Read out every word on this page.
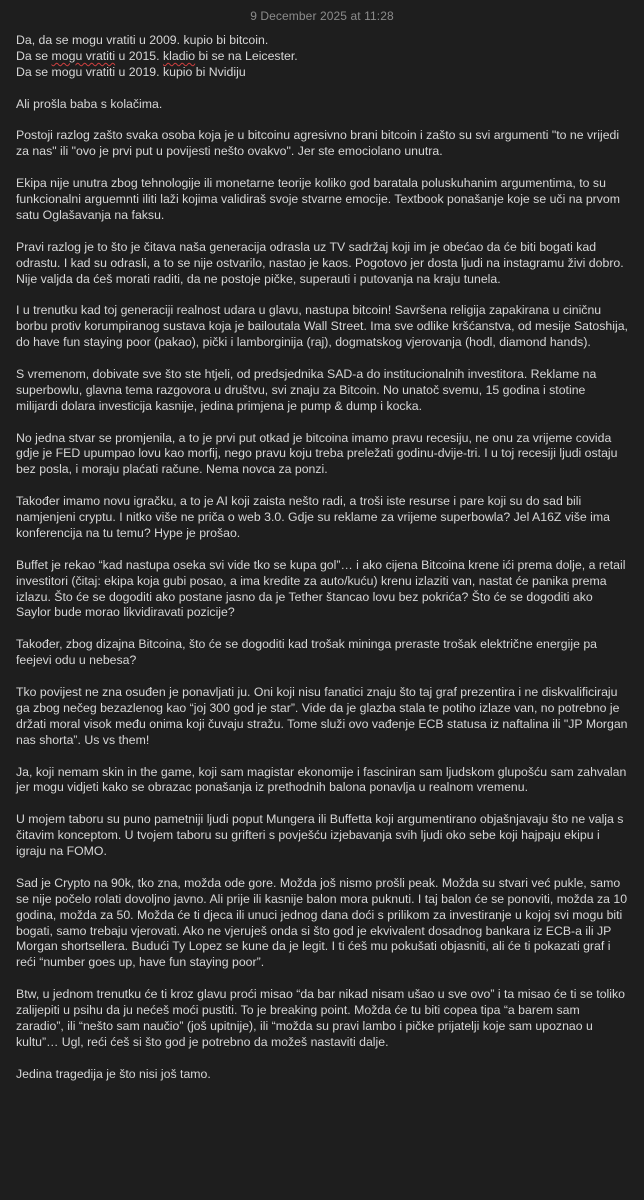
9 December 2025 at 11:28

Da, da se mogu vratiti u 2009. kupio bi bitcoin.
Da se mogu vratiti u 2015. kladio bi se na Leicester.
Da se mogu vratiti u 2019. kupio bi Nvidiju

Ali prošla baba s kolačima.

Postoji razlog zašto svaka osoba koja je u bitcoinu agresivno brani bitcoin i zašto su svi argumenti "to ne vrijedi za nas" ili "ovo je prvi put u povijesti nešto ovakvo". Jer ste emociolano unutra.

Ekipa nije unutra zbog tehnologije ili monetarne teorije koliko god baratala poluskuhanim argumentima, to su funkcionalni arguemnti iliti laži kojima validiraš svoje stvarne emocije. Textbook ponašanje koje se uči na prvom satu Oglašavanja na faksu.

Pravi razlog je to što je čitava naša generacija odrasla uz TV sadržaj koji im je obećao da će biti bogati kad odrastu. I kad su odrasli, a to se nije ostvarilo, nastao je kaos. Pogotovo jer dosta ljudi na instagramu živi dobro. Nije valjda da ćeš morati raditi, da ne postoje pičke, superauti i putovanja na kraju tunela.

I u trenutku kad toj generaciji realnost udara u glavu, nastupa bitcoin! Savršena religija zapakirana u ciničnu borbu protiv korumpiranog sustava koja je bailoutala Wall Street. Ima sve odlike kršćanstva, od mesije Satoshija, do have fun staying poor (pakao), pički i lamborginija (raj), dogmatskog vjerovanja (hodl, diamond hands).

S vremenom, dobivate sve što ste htjeli, od predsjednika SAD-a do institucionalnih investitora. Reklame na superbowlu, glavna tema razgovora u društvu, svi znaju za Bitcoin. No unatoč svemu, 15 godina i stotine milijardi dolara investicija kasnije, jedina primjena je pump & dump i kocka.

No jedna stvar se promjenila, a to je prvi put otkad je bitcoina imamo pravu recesiju, ne onu za vrijeme covida gdje je FED upumpao lovu kao morfij, nego pravu koju treba preležati godinu-dvije-tri. I u toj recesiji ljudi ostaju bez posla, i moraju plaćati račune. Nema novca za ponzi.

Također imamo novu igračku, a to je AI koji zaista nešto radi, a troši iste resurse i pare koji su do sad bili namjenjeni cryptu. I nitko više ne priča o web 3.0. Gdje su reklame za vrijeme superbowla? Jel A16Z više ima konferencija na tu temu? Hype je prošao.

Buffet je rekao “kad nastupa oseka svi vide tko se kupa gol”… i ako cijena Bitcoina krene ići prema dolje, a retail investitori (čitaj: ekipa koja gubi posao, a ima kredite za auto/kuću) krenu izlaziti van, nastat će panika prema izlazu. Što će se dogoditi ako postane jasno da je Tether štancao lovu bez pokrića? Što će se dogoditi ako Saylor bude morao likvidiravati pozicije?

Također, zbog dizajna Bitcoina, što će se dogoditi kad trošak mininga preraste trošak električne energije pa feejevi odu u nebesa?

Tko povijest ne zna osuđen je ponavljati ju. Oni koji nisu fanatici znaju što taj graf prezentira i ne diskvalificiraju ga zbog nečeg bezazlenog kao “joj 300 god je star”. Vide da je glazba stala te potiho izlaze van, no potrebno je držati moral visok među onima koji čuvaju stražu. Tome služi ovo vađenje ECB statusa iz naftalina ili "JP Morgan nas shorta”. Us vs them!

Ja, koji nemam skin in the game, koji sam magistar ekonomije i fasciniran sam ljudskom glupošću sam zahvalan jer mogu vidjeti kako se obrazac ponašanja iz prethodnih balona ponavlja u realnom vremenu.

U mojem taboru su puno pametniji ljudi poput Mungera ili Buffetta koji argumentirano objašnjavaju što ne valja s čitavim konceptom. U tvojem taboru su grifteri s povješću izjebavanja svih ljudi oko sebe koji hajpaju ekipu i igraju na FOMO.

Sad je Crypto na 90k, tko zna, možda ode gore. Možda još nismo prošli peak. Možda su stvari već pukle, samo se nije počelo rolati dovoljno javno. Ali prije ili kasnije balon mora puknuti. I taj balon će se ponoviti, možda za 10 godina, možda za 50. Možda će ti djeca ili unuci jednog dana doći s prilikom za investiranje u kojoj svi mogu biti bogati, samo trebaju vjerovati. Ako ne vjeruješ onda si što god je ekvivalent dosadnog bankara iz ECB-a ili JP Morgan shortsellera. Budući Ty Lopez se kune da je legit. I ti ćeš mu pokušati objasniti, ali će ti pokazati graf i reći “number goes up, have fun staying poor”.

Btw, u jednom trenutku će ti kroz glavu proći misao “da bar nikad nisam ušao u sve ovo” i ta misao će ti se toliko zalijepiti u psihu da ju nećeš moći pustiti. To je breaking point. Možda će tu biti copea tipa “a barem sam zaradio”, ili “nešto sam naučio” (još upitnije), ili “možda su pravi lambo i pičke prijatelji koje sam upoznao u kultu”… Ugl, reći ćeš si što god je potrebno da možeš nastaviti dalje.

Jedina tragedija je što nisi još tamo.
